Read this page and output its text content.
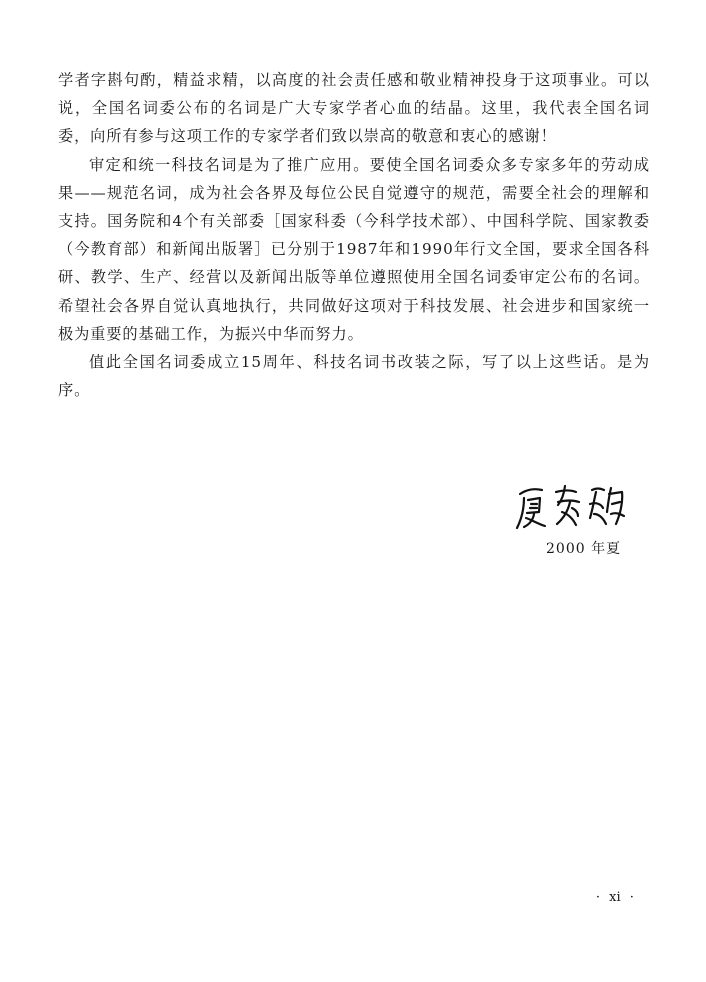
学者字斟句酌，精益求精，以高度的社会责任感和敬业精神投身于这项事业。可以说，全国名词委公布的名词是广大专家学者心血的结晶。这里，我代表全国名词委，向所有参与这项工作的专家学者们致以崇高的敬意和衷心的感谢！

审定和统一科技名词是为了推广应用。要使全国名词委众多专家多年的劳动成果——规范名词，成为社会各界及每位公民自觉遵守的规范，需要全社会的理解和支持。国务院和4个有关部委［国家科委（今科学技术部）、中国科学院、国家教委（今教育部）和新闻出版署］已分别于1987年和1990年行文全国，要求全国各科研、教学、生产、经营以及新闻出版等单位遵照使用全国名词委审定公布的名词。希望社会各界自觉认真地执行，共同做好这项对于科技发展、社会进步和国家统一极为重要的基础工作，为振兴中华而努力。

值此全国名词委成立15周年、科技名词书改装之际，写了以上这些话。是为序。

2000 年夏
· xi ·
